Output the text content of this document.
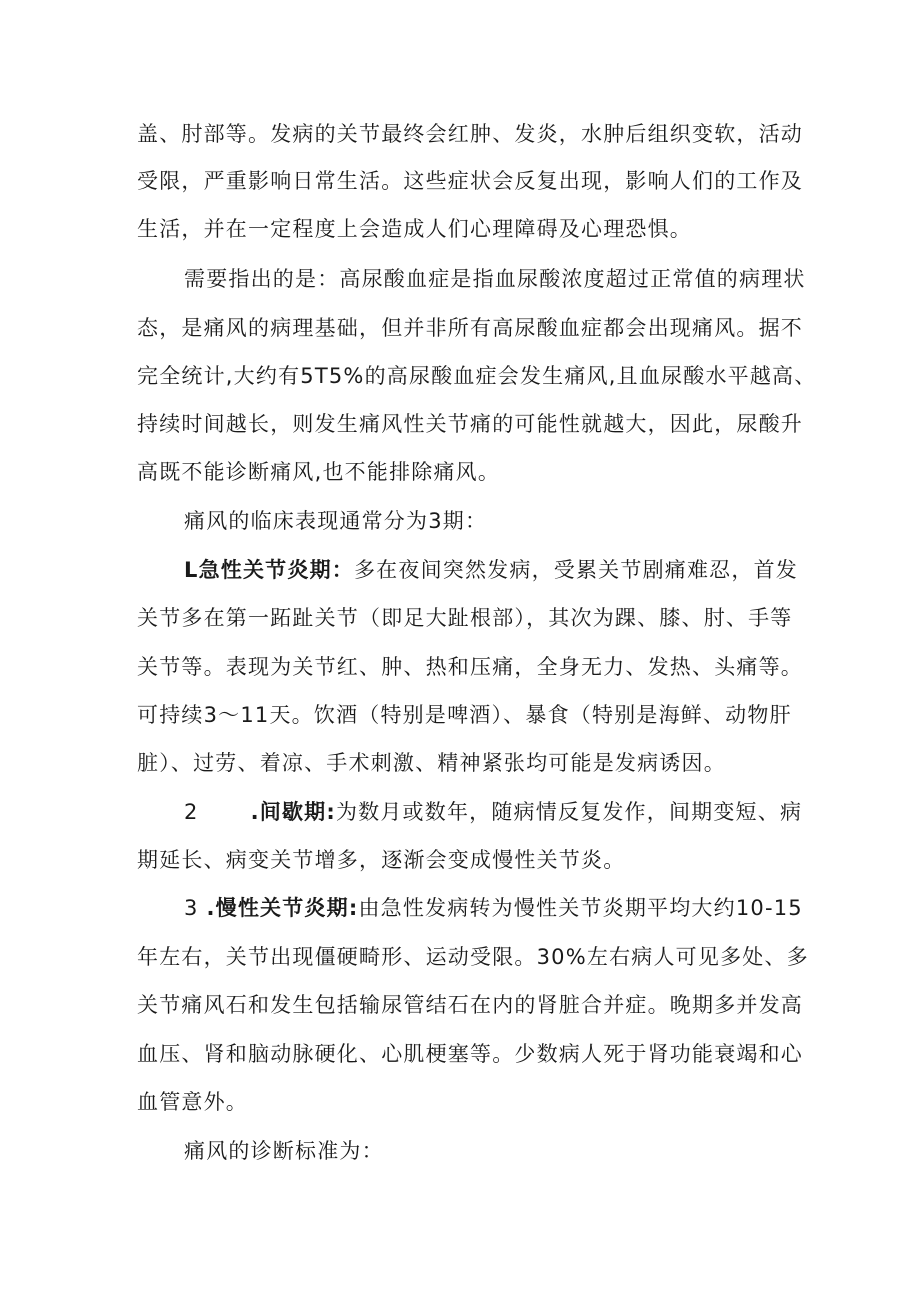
盖、肘部等。发病的关节最终会红肿、发炎，水肿后组织变软，活动
受限，严重影响日常生活。这些症状会反复出现，影响人们的工作及
生活，并在一定程度上会造成人们心理障碍及心理恐惧。
需要指出的是：高尿酸血症是指血尿酸浓度超过正常值的病理状
态，是痛风的病理基础，但并非所有高尿酸血症都会出现痛风。据不
完全统计,大约有5T5%的高尿酸血症会发生痛风,且血尿酸水平越高、
持续时间越长，则发生痛风性关节痛的可能性就越大，因此，尿酸升
高既不能诊断痛风,也不能排除痛风。
痛风的临床表现通常分为3期：
L急性关节炎期：多在夜间突然发病，受累关节剧痛难忍，首发
关节多在第一跖趾关节（即足大趾根部），其次为踝、膝、肘、手等
关节等。表现为关节红、肿、热和压痛，全身无力、发热、头痛等。
可持续3〜11天。饮酒（特别是啤酒）、暴食（特别是海鲜、动物肝
脏）、过劳、着凉、手术刺激、精神紧张均可能是发病诱因。
2 .间歇期:为数月或数年，随病情反复发作，间期变短、病
期延长、病变关节增多，逐渐会变成慢性关节炎。
3 .慢性关节炎期:由急性发病转为慢性关节炎期平均大约10-15
年左右，关节出现僵硬畸形、运动受限。30%左右病人可见多处、多
关节痛风石和发生包括输尿管结石在内的肾脏合并症。晚期多并发高
血压、肾和脑动脉硬化、心肌梗塞等。少数病人死于肾功能衰竭和心
血管意外。
痛风的诊断标准为：
